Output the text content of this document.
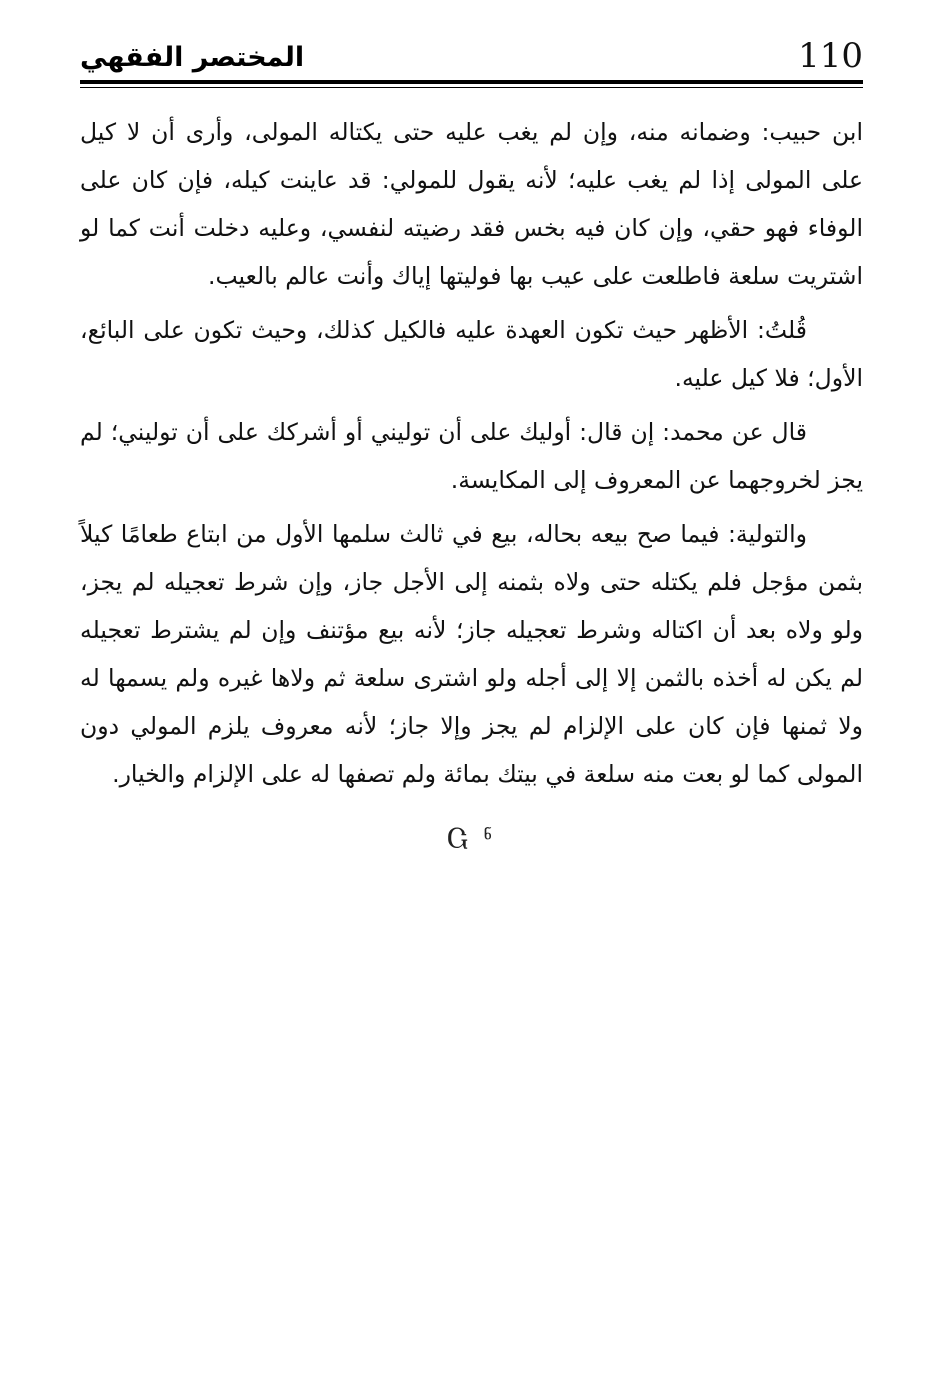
المختصر الفقهي	110

ابن حبيب: وضمانه منه، وإن لم يغب عليه حتى يكتاله المولى، وأرى أن لا كيل على المولى إذا لم يغب عليه؛ لأنه يقول للمولي: قد عاينت كيله، فإن كان على الوفاء فهو حقي، وإن كان فيه بخس فقد رضيته لنفسي، وعليه دخلت أنت كما لو اشتريت سلعة فاطلعت على عيب بها فوليتها إياك وأنت عالم بالعيب.

قُلتُ: الأظهر حيث تكون العهدة عليه فالكيل كذلك، وحيث تكون على البائع، الأول؛ فلا كيل عليه.

قال عن محمد: إن قال: أوليك على أن توليني أو أشركك على أن توليني؛ لم يجز لخروجهما عن المعروف إلى المكايسة.

والتولية: فيما صح بيعه بحاله، بيع في ثالث سلمها الأول من ابتاع طعامًا كيلاً بثمن مؤجل فلم يكتله حتى ولاه بثمنه إلى الأجل جاز، وإن شرط تعجيله لم يجز، ولو ولاه بعد أن اكتاله وشرط تعجيله جاز؛ لأنه بيع مؤتنف وإن لم يشترط تعجيله لم يكن له أخذه بالثمن إلا إلى أجله ولو اشترى سلعة ثم ولاها غيره ولم يسمها له ولا ثمنها فإن كان على الإلزام لم يجز وإلا جاز؛ لأنه معروف يلزم المولي دون المولى كما لو بعت منه سلعة في بيتك بمائة ولم تصفها له على الإلزام والخيار.

Ⴚ ჼ
